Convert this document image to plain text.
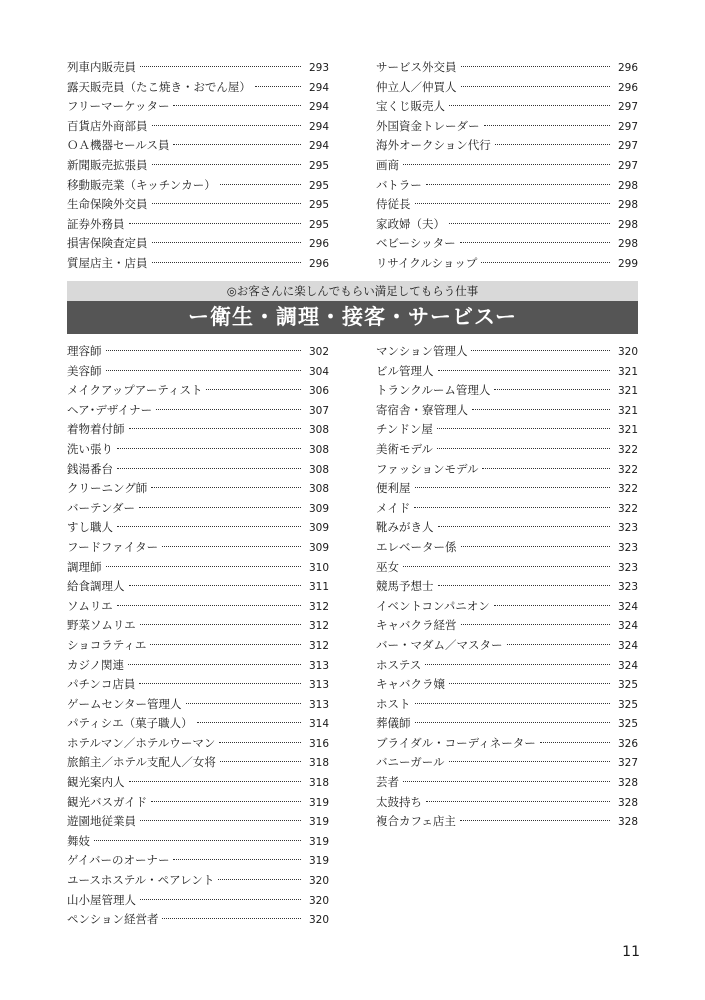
列車内販売員	293
露天販売員（たこ焼き・おでん屋）	294
フリーマーケッター	294
百貨店外商部員	294
ＯＡ機器セールス員	294
新聞販売拡張員	295
移動販売業（キッチンカー）	295
生命保険外交員	295
証券外務員	295
損害保険査定員	296
質屋店主・店員	296
サービス外交員	296
仲立人／仲買人	296
宝くじ販売人	297
外国資金トレーダー	297
海外オークション代行	297
画商	297
バトラー	298
侍従長	298
家政婦（夫）	298
ベビーシッター	298
リサイクルショップ	299
◎お客さんに楽しんでもらい満足してもらう仕事
ー衛生・調理・接客・サービスー
理容師	302
美容師	304
メイクアップアーティスト	306
ヘア･デザイナー	307
着物着付師	308
洗い張り	308
銭湯番台	308
クリーニング師	308
バーテンダー	309
すし職人	309
フードファイター	309
調理師	310
給食調理人	311
ソムリエ	312
野菜ソムリエ	312
ショコラティエ	312
カジノ関連	313
パチンコ店員	313
ゲームセンター管理人	313
パティシエ（菓子職人）	314
ホテルマン／ホテルウーマン	316
旅館主／ホテル支配人／女将	318
観光案内人	318
観光バスガイド	319
遊園地従業員	319
舞妓	319
ゲイバーのオーナー	319
ユースホステル・ペアレント	320
山小屋管理人	320
ペンション経営者	320
マンション管理人	320
ビル管理人	321
トランクルーム管理人	321
寄宿舎・寮管理人	321
チンドン屋	321
美術モデル	322
ファッションモデル	322
便利屋	322
メイド	322
靴みがき人	323
エレベーター係	323
巫女	323
競馬予想士	323
イベントコンパニオン	324
キャバクラ経営	324
バー・マダム／マスター	324
ホステス	324
キャバクラ嬢	325
ホスト	325
葬儀師	325
ブライダル・コーディネーター	326
バニーガール	327
芸者	328
太鼓持ち	328
複合カフェ店主	328
11
